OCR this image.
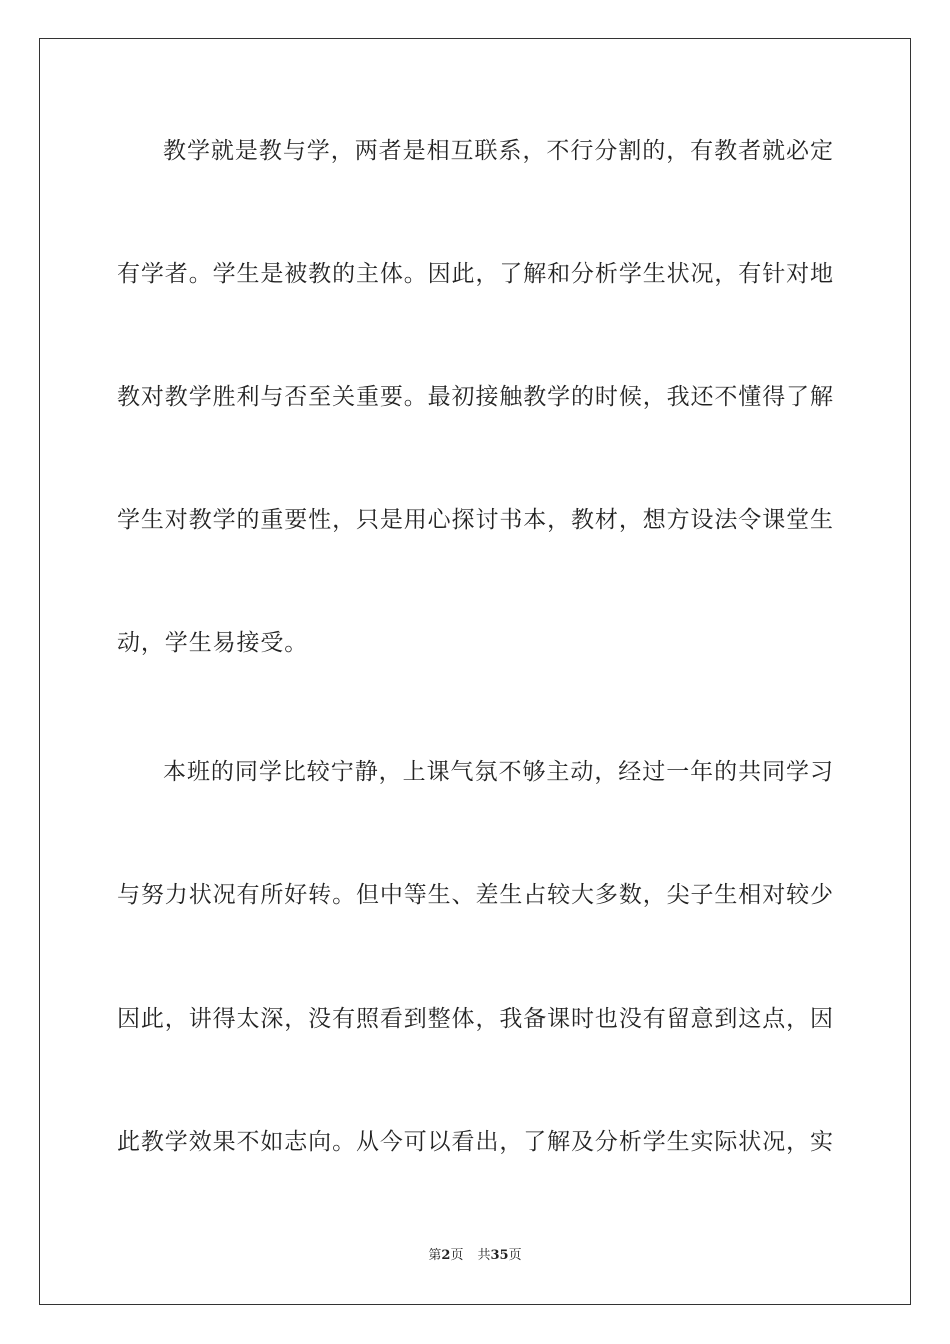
教学就是教与学，两者是相互联系，不行分割的，有教者就必定
有学者。学生是被教的主体。因此，了解和分析学生状况，有针对地
教对教学胜利与否至关重要。最初接触教学的时候，我还不懂得了解
学生对教学的重要性，只是用心探讨书本，教材，想方设法令课堂生
动，学生易接受。
本班的同学比较宁静，上课气氛不够主动，经过一年的共同学习
与努力状况有所好转。但中等生、差生占较大多数，尖子生相对较少
因此，讲得太深，没有照看到整体，我备课时也没有留意到这点，因
此教学效果不如志向。从今可以看出，了解及分析学生实际状况，实
第2页 共35页
